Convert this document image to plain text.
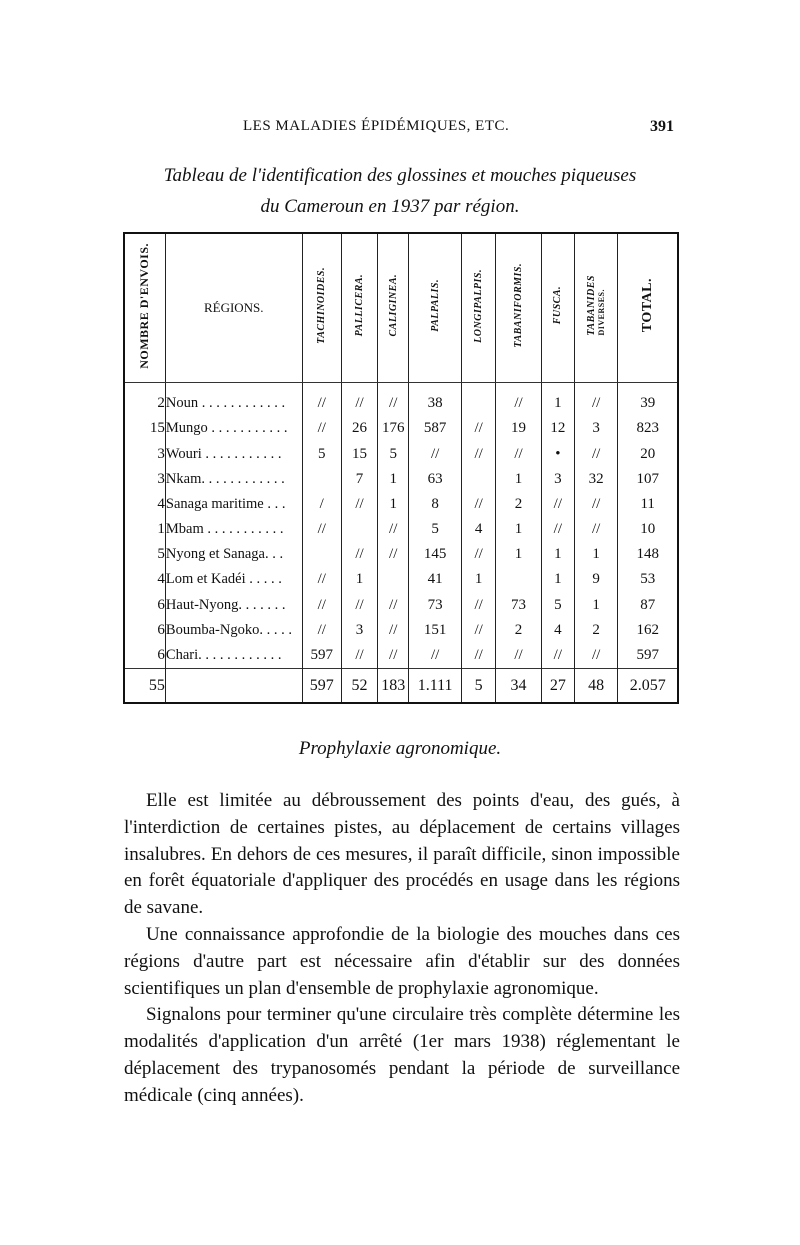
LES MALADIES ÉPIDÉMIQUES, ETC.	391
Tableau de l'identification des glossines et mouches piqueuses
du Cameroun en 1937 par région.
NOMBRE D'ENVOIS.	RÉGIONS.	TACHINOIDES.	PALLICERA.	CALIGINEA.	PALPALIS.	LONGIPALPIS.	TABANIFORMIS.	FUSCA.	TABANIDESDIVERSES.	TOTAL.
2	Noun . . . . . . . . . . . .	//	//	//	38		//	1	//	39
15	Mungo . . . . . . . . . . .	//	26	176	587	//	19	12	3	823
3	Wouri . . . . . . . . . . .	5	15	5	//	//	//	•	//	20
3	Nkam. . . . . . . . . . . .		7	1	63		1	3	32	107
4	Sanaga maritime . . .	/	//	1	8	//	2	//	//	11
1	Mbam . . . . . . . . . . .	//		//	5	4	1	//	//	10
5	Nyong et Sanaga. . .		//	//	145	//	1	1	1	148
4	Lom et Kadéi . . . . .	//	1		41	1		1	9	53
6	Haut-Nyong. . . . . . .	//	//	//	73	//	73	5	1	87
6	Boumba-Ngoko. . . . .	//	3	//	151	//	2	4	2	162
6	Chari. . . . . . . . . . . .	597	//	//	//	//	//	//	//	597
55		597	52	183	1.111	5	34	27	48	2.057
Prophylaxie agronomique.

Elle est limitée au débroussement des points d'eau, des gués, à l'interdiction de certaines pistes, au déplacement de certains villages insalubres. En dehors de ces mesures, il paraît difficile, sinon impossible en forêt équatoriale d'appliquer des procédés en usage dans les régions de savane.

Une connaissance approfondie de la biologie des mouches dans ces régions d'autre part est nécessaire afin d'établir sur des données scientifiques un plan d'ensemble de prophylaxie agronomique.

Signalons pour terminer qu'une circulaire très complète détermine les modalités d'application d'un arrêté (1er mars 1938) réglementant le déplacement des trypanosomés pendant la période de surveillance médicale (cinq années).
